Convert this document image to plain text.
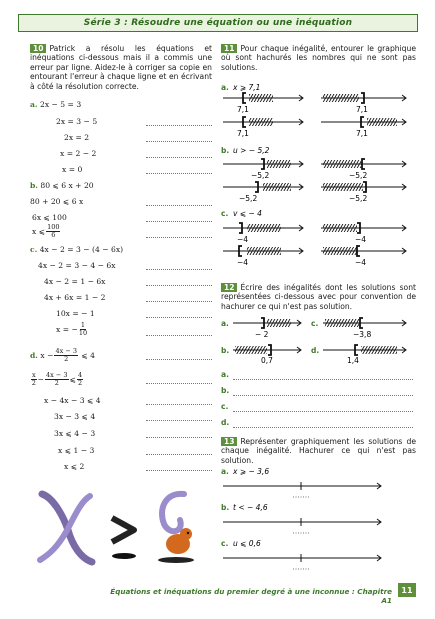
Série 3 : Résoudre une équation ou une inéquation

10 Patrick a résolu les équations et inéquations ci-dessous mais il a commis une erreur par ligne. Aidez-le à corriger sa copie en entourant l'erreur à chaque ligne et en écrivant à côté la résolution correcte.

a. 2x − 5 = 3
2x = 3 − 5
2x = 2
x = 2 − 2
x = 0
b. 80 ⩽ 6 x + 20
80 + 20 ⩽ 6 x
6x ⩽ 100
x ⩽ $\frac{100}{6}$
c. 4x − 2 = 3 − (4 − 6x)
4x − 2 = 3 − 4 − 6x
4x − 2 = 1 − 6x
4x + 6x = 1 − 2
10x = − 1
x = − $\frac{1}{10}$
d.
$x - \frac{4x - 3}{2}$
⩽ 4
$\frac{x}{2} - \frac{4x - 3}{2}$ ⩽ $\frac{4}{2}$
x − 4x − 3 ⩽ 4
3x − 3 ⩽ 4
3x ⩽ 4 − 3
x ⩽ 1 − 3
x ⩽ 2

11 Pour chaque inégalité, entourer le graphique où sont hachurés les nombres qui ne sont pas solutions.

a. x ⩾ 7,1
7,1	7,1
7,1	7,1
b. u > − 5,2
−5,2	−5,2
−5,2	−5,2
c. v ⩽ − 4
−4	−4
−4	−4

12 Écrire des inégalités dont les solutions sont représentées ci-dessous avec pour convention de hachurer ce qui n'est pas solution.

a.
− 2
c.
−3,8
b.
0,7
d.
1,4
a.
b.
c.
d.

13 Représenter graphiquement les solutions de chaque inégalité. Hachurer ce qui n'est pas solution.

a. x ⩾ − 3,6
b. t < − 4,6
c. u ⩽ 0,6
Équations et inéquations du premier degré à une inconnue : Chapitre A1
11
